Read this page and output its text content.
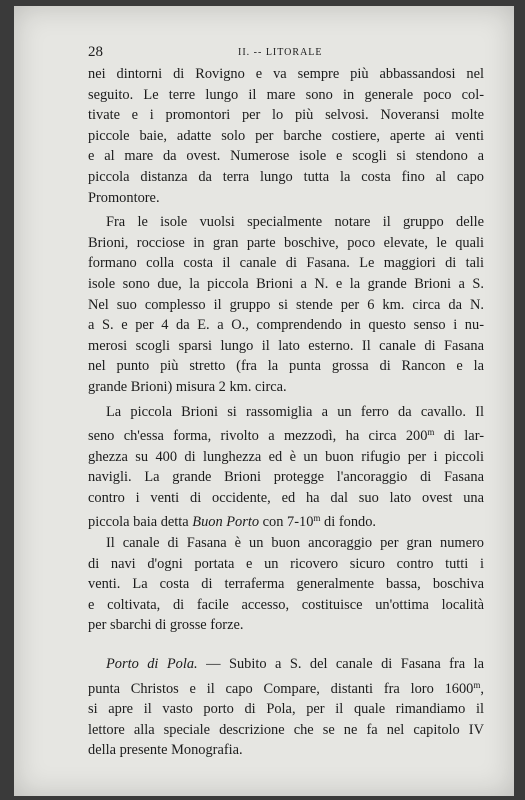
28	II. -- LITORALE

nei dintorni di Rovigno e va sempre più abbassandosi nel
seguito. Le terre lungo il mare sono in generale poco col-
tivate e i promontori per lo più selvosi. Noveransi molte
piccole baie, adatte solo per barche costiere, aperte ai venti
e al mare da ovest. Numerose isole e scogli si stendono a
piccola distanza da terra lungo tutta la costa fino al capo
Promontore.

Fra le isole vuolsi specialmente notare il gruppo delle
Brioni, rocciose in gran parte boschive, poco elevate, le quali
formano colla costa il canale di Fasana. Le maggiori di tali
isole sono due, la piccola Brioni a N. e la grande Brioni a S.
Nel suo complesso il gruppo si stende per 6 km. circa da N.
a S. e per 4 da E. a O., comprendendo in questo senso i nu-
merosi scogli sparsi lungo il lato esterno. Il canale di Fasana
nel punto più stretto (fra la punta grossa di Rancon e la
grande Brioni) misura 2 km. circa.

La piccola Brioni si rassomiglia a un ferro da cavallo. Il
seno ch'essa forma, rivolto a mezzodì, ha circa 200$^m$ di lar-
ghezza su 400 di lunghezza ed è un buon rifugio per i piccoli
navigli. La grande Brioni protegge l'ancoraggio di Fasana
contro i venti di occidente, ed ha dal suo lato ovest una
piccola baia detta Buon Porto con 7-10$^m$ di fondo.

Il canale di Fasana è un buon ancoraggio per gran numero
di navi d'ogni portata e un ricovero sicuro contro tutti i
venti. La costa di terraferma generalmente bassa, boschiva
e coltivata, di facile accesso, costituisce un'ottima località
per sbarchi di grosse forze.

Porto di Pola. — Subito a S. del canale di Fasana fra la
punta Christos e il capo Compare, distanti fra loro 1600$^m$,
si apre il vasto porto di Pola, per il quale rimandiamo il
lettore alla speciale descrizione che se ne fa nel capitolo IV
della presente Monografia.
